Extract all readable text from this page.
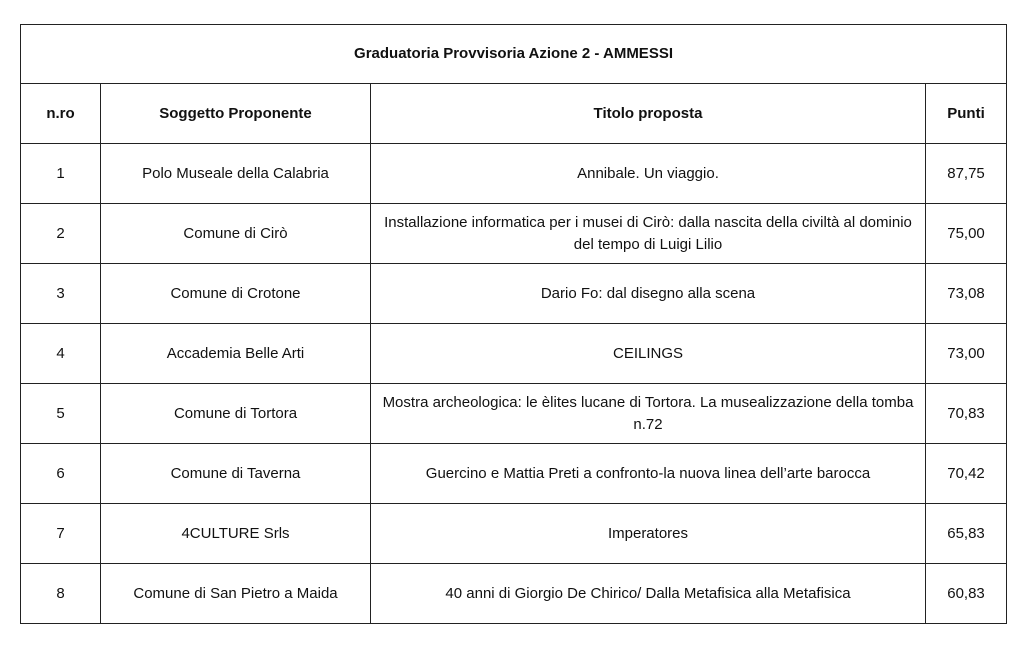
Graduatoria Provvisoria Azione 2 - AMMESSI			
n.ro	Soggetto Proponente	Titolo proposta	Punti
1	Polo Museale della Calabria	Annibale. Un viaggio.	87,75
2	Comune di Cirò	Installazione informatica per i musei di Cirò: dalla nascita della civiltà al dominio del tempo di Luigi Lilio	75,00
3	Comune di Crotone	Dario Fo: dal disegno alla scena	73,08
4	Accademia Belle Arti	CEILINGS	73,00
5	Comune di Tortora	Mostra archeologica: le èlites lucane di Tortora. La musealizzazione della tomba n.72	70,83
6	Comune di Taverna	Guercino e Mattia Preti a confronto-la nuova linea dell’arte barocca	70,42
7	4CULTURE Srls	Imperatores	65,83
8	Comune di San Pietro a Maida	40 anni di Giorgio De Chirico/ Dalla Metafisica alla Metafisica	60,83
